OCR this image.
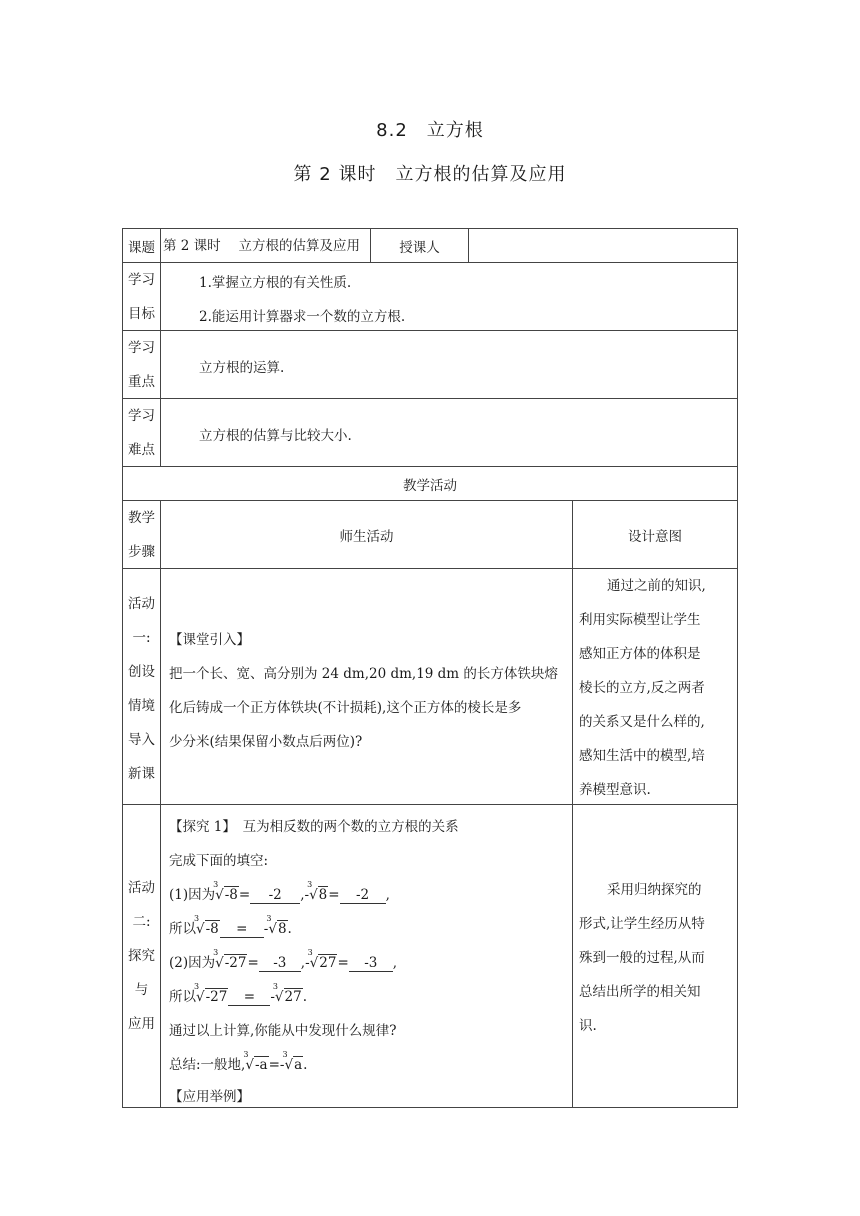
8.2　立方根
第 2 课时　立方根的估算及应用
课题 第 2 课时　 立方根的估算及应用	授课人
学习
目标
1.掌握立方根的有关性质.
2.能运用计算器求一个数的立方根.
学习
重点
立方根的运算.
学习
难点
立方根的估算与比较大小.
教学活动
教学
步骤
师生活动	设计意图
活动
一:
创设
情境
导入
新课
【课堂引入】
把一个长、宽、高分别为 24 dm,20 dm,19 dm 的长方体铁块熔
化后铸成一个正方体铁块(不计损耗),这个正方体的棱长是多
少分米(结果保留小数点后两位)?
通过之前的知识,
利用实际模型让学生
感知正方体的体积是
棱长的立方,反之两者
的关系又是什么样的,
感知生活中的模型,培
养模型意识.
活动
二:
探究
与
应用
【探究 1】　互为相反数的两个数的立方根的关系
完成下面的填空:
(1)因为
3
√-8= -2 ,-
3
√8= -2 ,
所以
3
√-8 = -
3
√8.
(2)因为
3
√-27= -3 ,-
3
√27= -3 ,
所以
3
√-27 = -
3
√27.
通过以上计算,你能从中发现什么规律?
总结:一般地,
3
√-a=-
3
√a.
【应用举例】
采用归纳探究的
形式,让学生经历从特
殊到一般的过程,从而
总结出所学的相关知
识.
